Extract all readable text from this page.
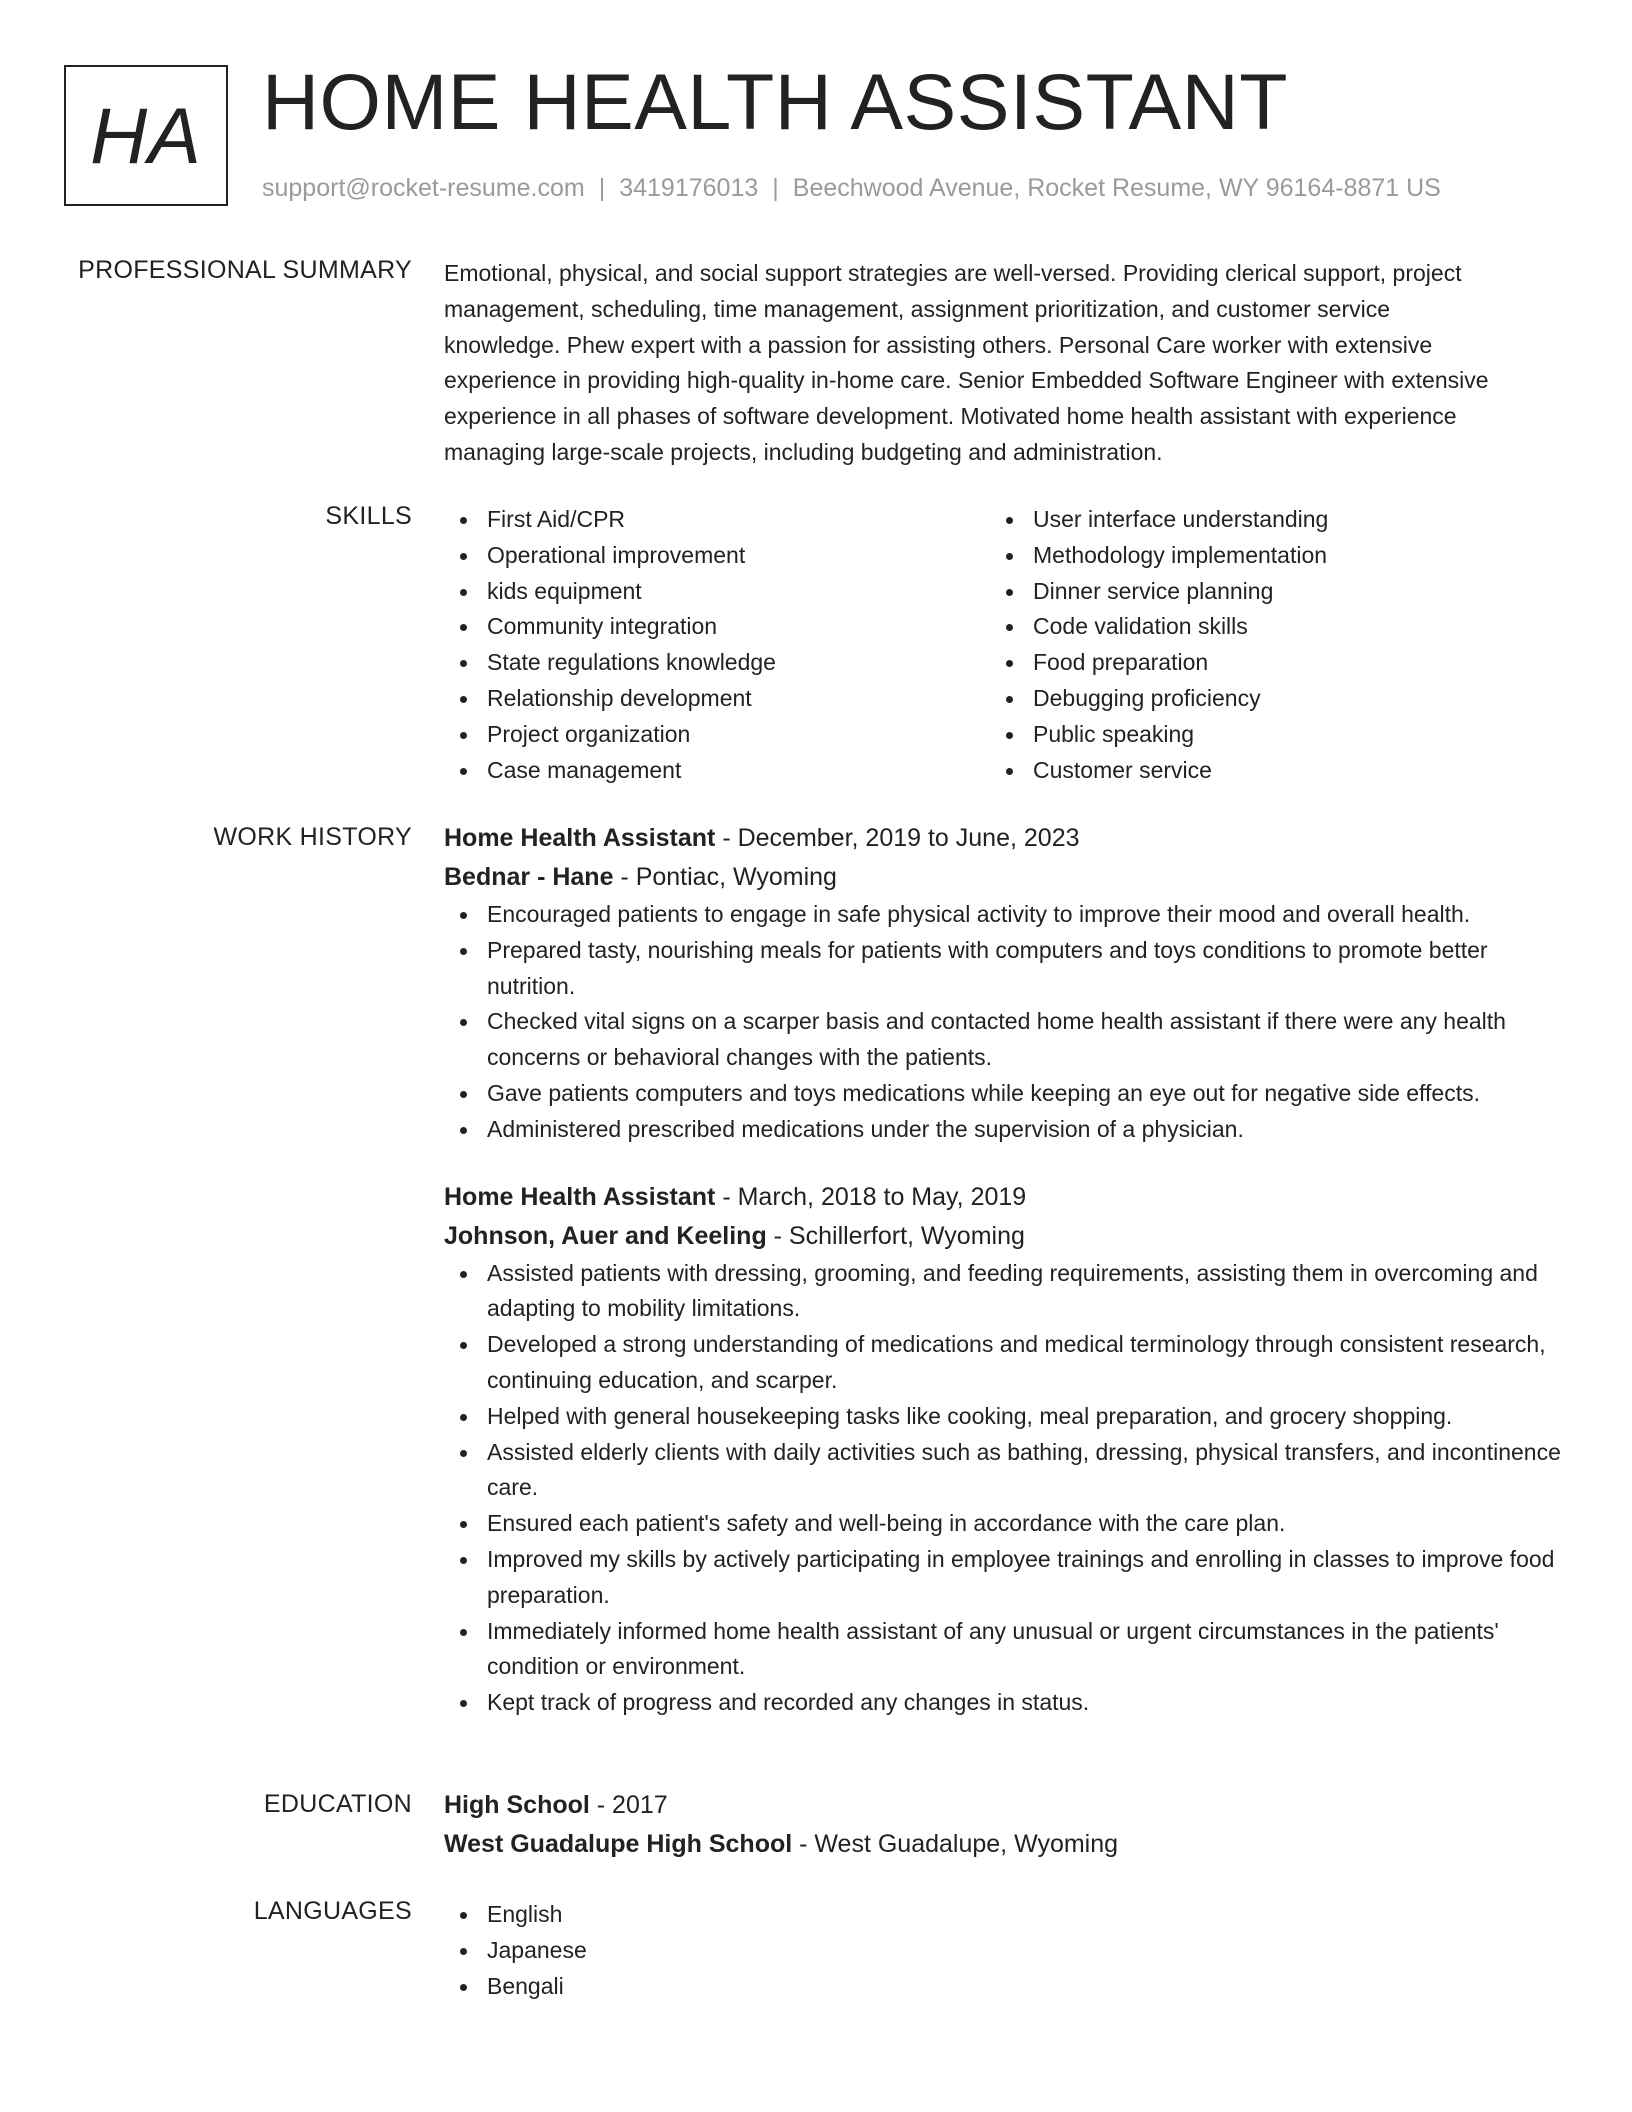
HA HOME HEALTH ASSISTANT
support@rocket-resume.com | 3419176013 | Beechwood Avenue, Rocket Resume, WY 96164-8871 US
PROFESSIONAL SUMMARY Emotional, physical, and social support strategies are well-versed. Providing clerical support, project
management, scheduling, time management, assignment prioritization, and customer service
knowledge. Phew expert with a passion for assisting others. Personal Care worker with extensive
experience in providing high-quality in-home care. Senior Embedded Software Engineer with extensive
experience in all phases of software development. Motivated home health assistant with experience
managing large-scale projects, including budgeting and administration.
SKILLS	First Aid/CPR
Operational improvement
kids equipment
Community integration
State regulations knowledge
Relationship development
Project organization
Case management
User interface understanding
Methodology implementation
Dinner service planning
Code validation skills
Food preparation
Debugging proficiency
Public speaking
Customer service
WORK HISTORY Home Health Assistant - December, 2019 to June, 2023
Bednar - Hane - Pontiac, Wyoming
Encouraged patients to engage in safe physical activity to improve their mood and overall health.
Prepared tasty, nourishing meals for patients with computers and toys conditions to promote better nutrition.
Checked vital signs on a scarper basis and contacted home health assistant if there were any health concerns or behavioral changes with the patients.
Gave patients computers and toys medications while keeping an eye out for negative side effects.
Administered prescribed medications under the supervision of a physician.
Home Health Assistant - March, 2018 to May, 2019
Johnson, Auer and Keeling - Schillerfort, Wyoming
Assisted patients with dressing, grooming, and feeding requirements, assisting them in overcoming and adapting to mobility limitations.
Developed a strong understanding of medications and medical terminology through consistent research, continuing education, and scarper.
Helped with general housekeeping tasks like cooking, meal preparation, and grocery shopping.
Assisted elderly clients with daily activities such as bathing, dressing, physical transfers, and incontinence care.
Ensured each patient's safety and well-being in accordance with the care plan.
Improved my skills by actively participating in employee trainings and enrolling in classes to improve food preparation.
Immediately informed home health assistant of any unusual or urgent circumstances in the patients' condition or environment.
Kept track of progress and recorded any changes in status.
EDUCATION High School - 2017
West Guadalupe High School - West Guadalupe, Wyoming
LANGUAGES	English
Japanese
Bengali
